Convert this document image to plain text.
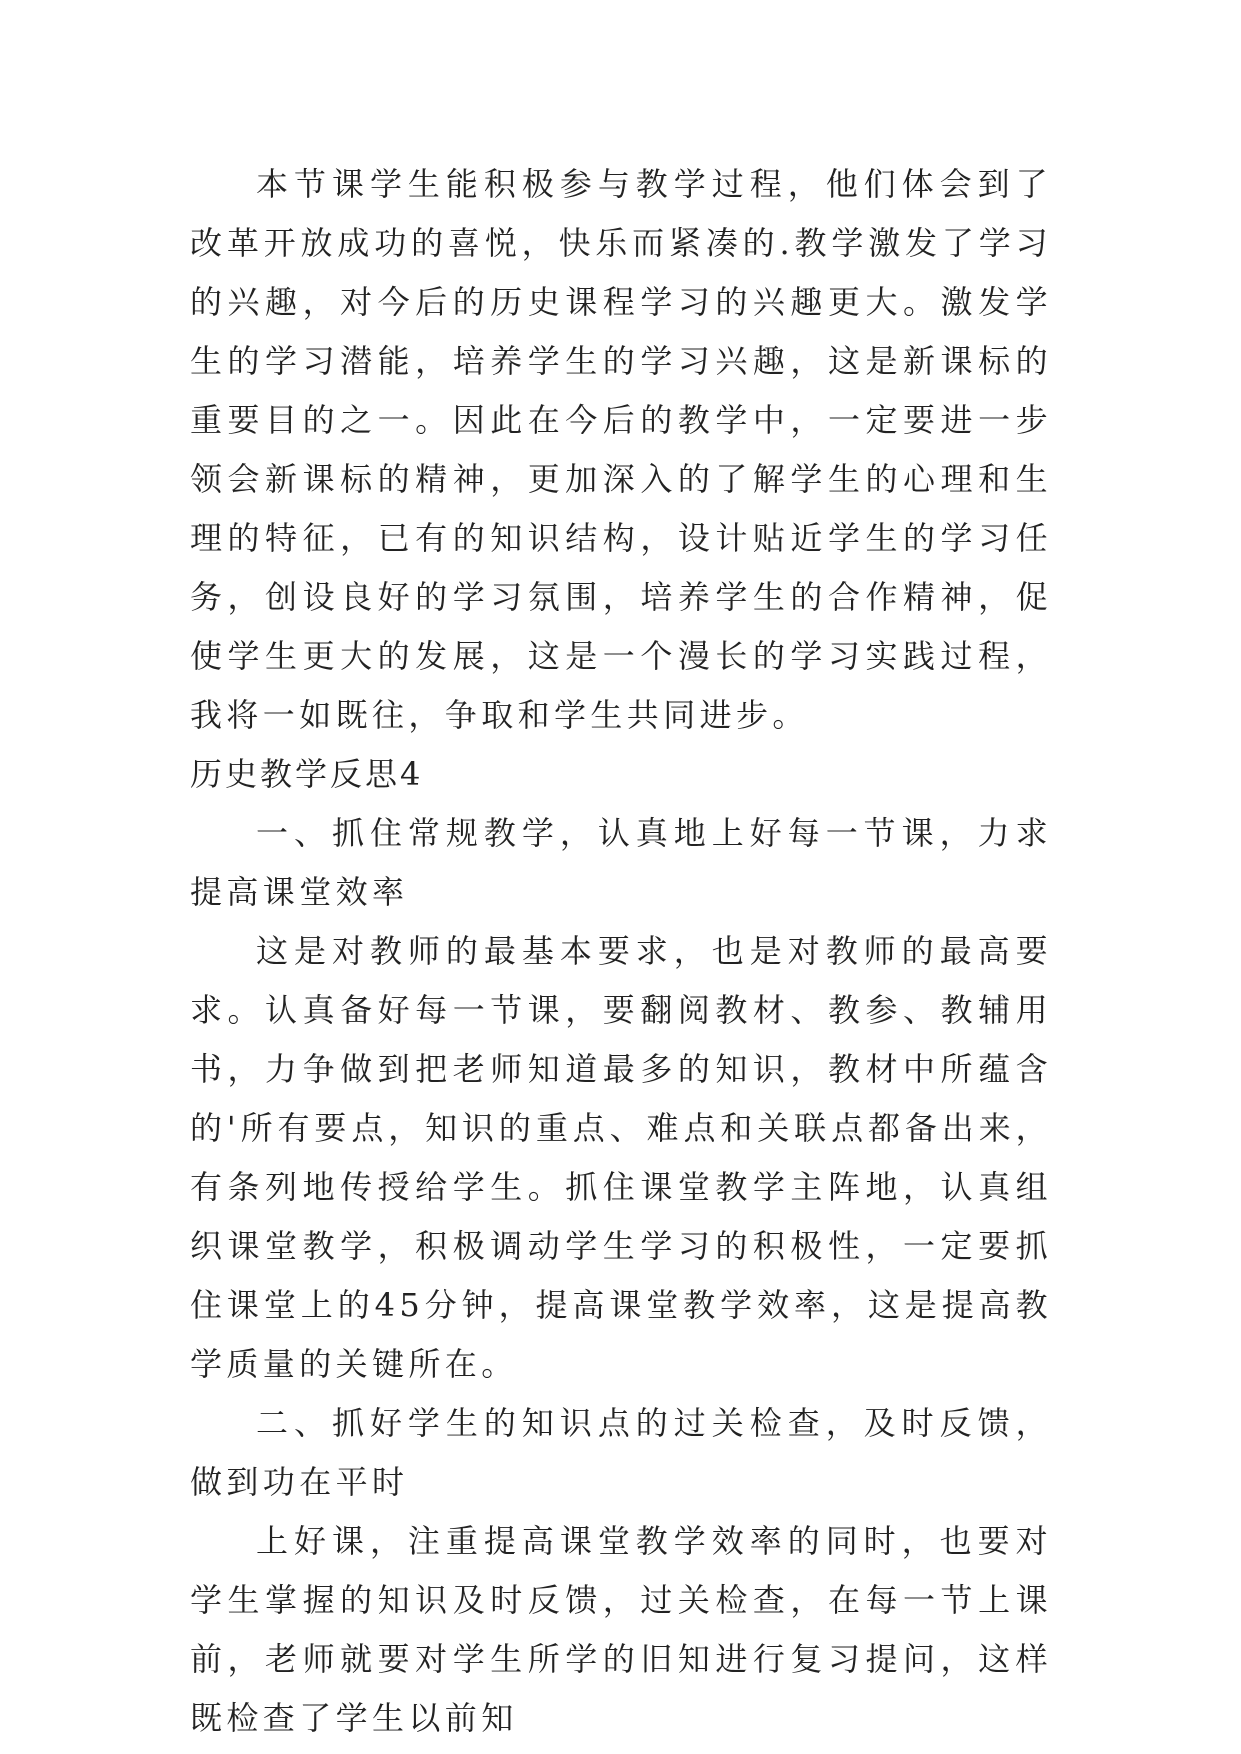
本节课学生能积极参与教学过程，他们体会到了改革开放成功的喜悦，快乐而紧凑的.教学激发了学习的兴趣，对今后的历史课程学习的兴趣更大。激发学生的学习潜能，培养学生的学习兴趣，这是新课标的重要目的之一。因此在今后的教学中，一定要进一步领会新课标的精神，更加深入的了解学生的心理和生理的特征，已有的知识结构，设计贴近学生的学习任务，创设良好的学习氛围，培养学生的合作精神，促使学生更大的发展，这是一个漫长的学习实践过程，我将一如既往，争取和学生共同进步。

历史教学反思4

一、抓住常规教学，认真地上好每一节课，力求提高课堂效率

这是对教师的最基本要求，也是对教师的最高要求。认真备好每一节课，要翻阅教材、教参、教辅用书，力争做到把老师知道最多的知识，教材中所蕴含的'所有要点，知识的重点、难点和关联点都备出来，有条列地传授给学生。抓住课堂教学主阵地，认真组织课堂教学，积极调动学生学习的积极性，一定要抓住课堂上的45分钟，提高课堂教学效率，这是提高教学质量的关键所在。

二、抓好学生的知识点的过关检查，及时反馈，做到功在平时

上好课，注重提高课堂教学效率的同时，也要对学生掌握的知识及时反馈，过关检查，在每一节上课前，老师就要对学生所学的旧知进行复习提问，这样既检查了学生以前知
